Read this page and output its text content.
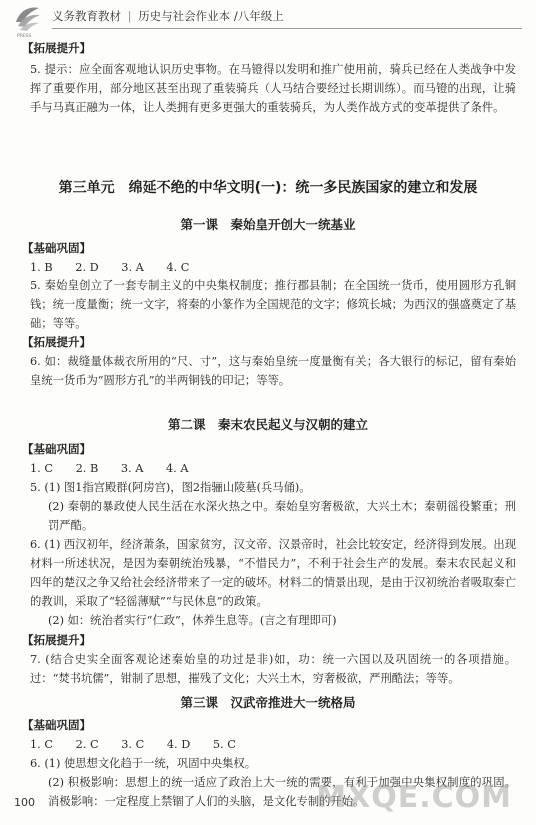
PRESS
义务教育教材 | 历史与社会作业本 /八年级上
【拓展提升】
5. 提示：应全面客观地认识历史事物。在马镫得以发明和推广使用前，骑兵已经在人类战争中发挥了重要作用，部分地区甚至出现了重装骑兵（人马结合要经过长期训练）。而马镫的出现，让骑手与马真正融为一体，让人类拥有更多更强大的重装骑兵，为人类作战方式的变革提供了条件。
第三单元　绵延不绝的中华文明(一)：统一多民族国家的建立和发展
第一课　秦始皇开创大一统基业
【基础巩固】
1. B　　2. D　　3. A　　4. C
5. 秦始皇创立了一套专制主义的中央集权制度；推行郡县制；在全国统一货币，使用圆形方孔铜钱；统一度量衡；统一文字，将秦的小篆作为全国规范的文字；修筑长城；为西汉的强盛奠定了基础；等等。
【拓展提升】
6. 如：裁缝量体裁衣所用的“尺、寸”，这与秦始皇统一度量衡有关；各大银行的标记，留有秦始皇统一货币为“圆形方孔”的半两铜钱的印记；等等。
第二课　秦末农民起义与汉朝的建立
【基础巩固】
1. C　　2. B　　3. A　　4. A
5. (1) 图1指宫殿群(阿房宫)，图2指骊山陵墓(兵马俑)。
(2) 秦朝的暴政使人民生活在水深火热之中。秦始皇穷奢极欲，大兴土木；秦朝徭役繁重；刑罚严酷。
6. (1) 西汉初年，经济萧条，国家贫穷，汉文帝、汉景帝时，社会比较安定，经济得到发展。出现材料一所述状况，是因为秦朝统治残暴，“不惜民力”，不利于社会生产的发展。秦末农民起义和四年的楚汉之争又给社会经济带来了一定的破坏。材料二的情景出现，是由于汉初统治者吸取秦亡的教训，采取了“轻徭薄赋”“与民休息”的政策。
(2) 如：统治者实行“仁政”，休养生息等。(言之有理即可)
【拓展提升】
7. (结合史实全面客观论述秦始皇的功过是非)如，功：统一六国以及巩固统一的各项措施。过：“焚书坑儒”，钳制了思想，摧残了文化；大兴土木，穷奢极欲，严刑酷法；等等。
第三课　汉武帝推进大一统格局
【基础巩固】
1. C　　2. C　　3. C　　4. D　　5. C
6. (1) 使思想文化趋于一统，巩固中央集权。
(2) 积极影响：思想上的统一适应了政治上大一统的需要，有利于加强中央集权制度的巩固。消极影响：一定程度上禁锢了人们的头脑，是文化专制的开始。
100	MXQE.COM
